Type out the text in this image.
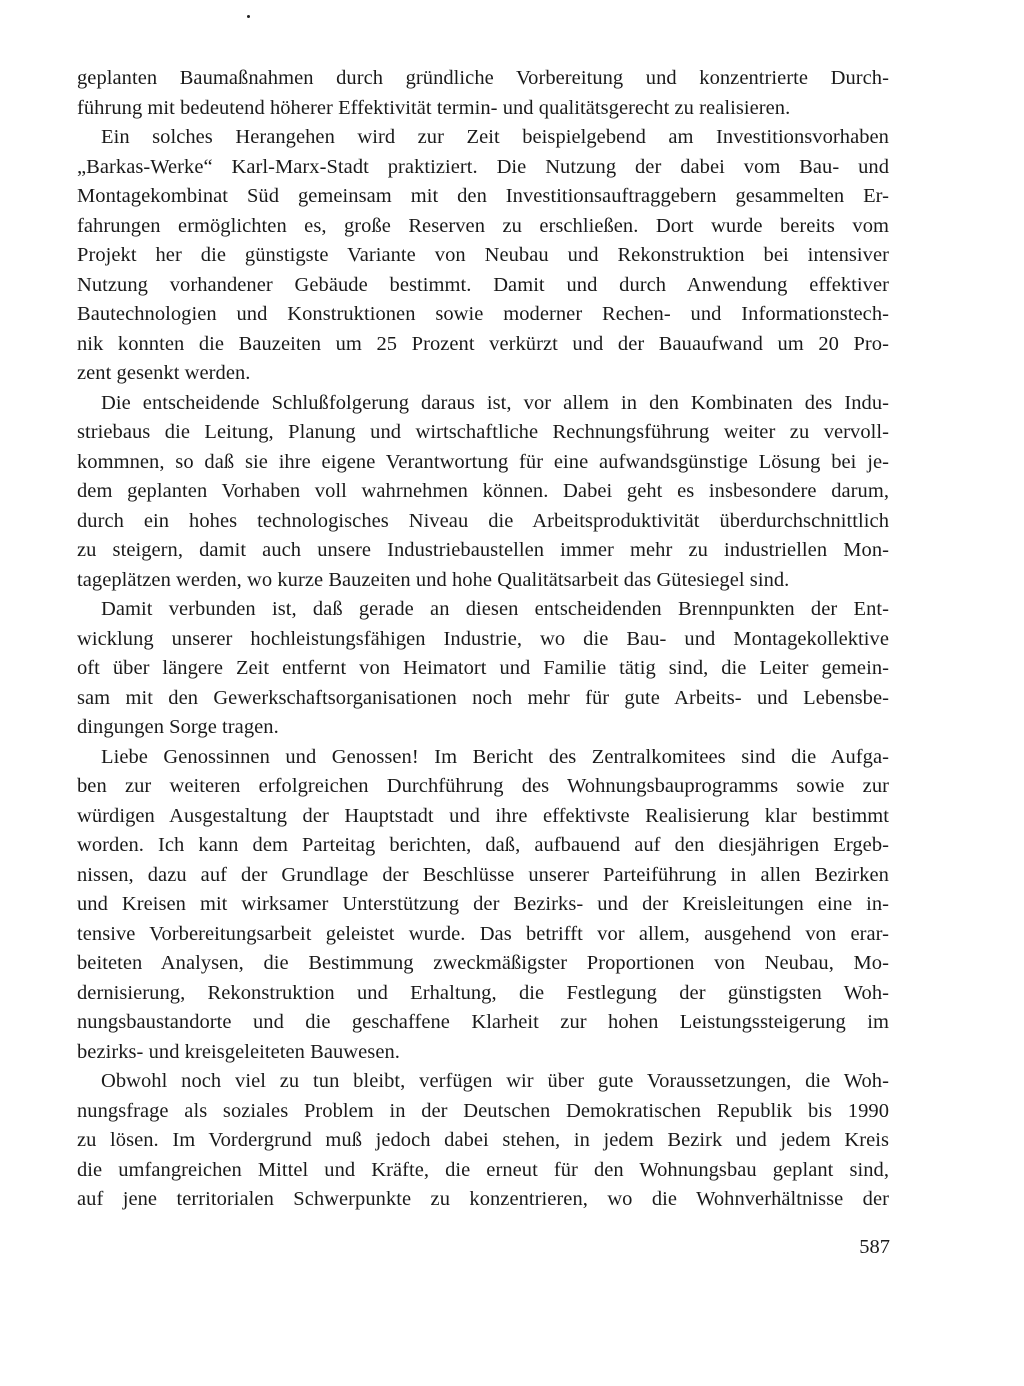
geplanten Baumaßnahmen durch gründliche Vorbereitung und konzentrierte Durch-
führung mit bedeutend höherer Effektivität termin- und qualitätsgerecht zu realisieren.
Ein solches Herangehen wird zur Zeit beispielgebend am Investitionsvorhaben
„Barkas-Werke“ Karl-Marx-Stadt praktiziert. Die Nutzung der dabei vom Bau- und
Montagekombinat Süd gemeinsam mit den Investitionsauftraggebern gesammelten Er-
fahrungen ermöglichten es, große Reserven zu erschließen. Dort wurde bereits vom
Projekt her die günstigste Variante von Neubau und Rekonstruktion bei intensiver
Nutzung vorhandener Gebäude bestimmt. Damit und durch Anwendung effektiver
Bautechnologien und Konstruktionen sowie moderner Rechen- und Informationstech-
nik konnten die Bauzeiten um 25 Prozent verkürzt und der Bauaufwand um 20 Pro-
zent gesenkt werden.
Die entscheidende Schlußfolgerung daraus ist, vor allem in den Kombinaten des Indu-
striebaus die Leitung, Planung und wirtschaftliche Rechnungsführung weiter zu vervoll-
kommnen, so daß sie ihre eigene Verantwortung für eine aufwandsgünstige Lösung bei je-
dem geplanten Vorhaben voll wahrnehmen können. Dabei geht es insbesondere darum,
durch ein hohes technologisches Niveau die Arbeitsproduktivität überdurchschnittlich
zu steigern, damit auch unsere Industriebaustellen immer mehr zu industriellen Mon-
tageplätzen werden, wo kurze Bauzeiten und hohe Qualitätsarbeit das Gütesiegel sind.
Damit verbunden ist, daß gerade an diesen entscheidenden Brennpunkten der Ent-
wicklung unserer hochleistungsfähigen Industrie, wo die Bau- und Montagekollektive
oft über längere Zeit entfernt von Heimatort und Familie tätig sind, die Leiter gemein-
sam mit den Gewerkschaftsorganisationen noch mehr für gute Arbeits- und Lebensbe-
dingungen Sorge tragen.
Liebe Genossinnen und Genossen! Im Bericht des Zentralkomitees sind die Aufga-
ben zur weiteren erfolgreichen Durchführung des Wohnungsbauprogramms sowie zur
würdigen Ausgestaltung der Hauptstadt und ihre effektivste Realisierung klar bestimmt
worden. Ich kann dem Parteitag berichten, daß, aufbauend auf den diesjährigen Ergeb-
nissen, dazu auf der Grundlage der Beschlüsse unserer Parteiführung in allen Bezirken
und Kreisen mit wirksamer Unterstützung der Bezirks- und der Kreisleitungen eine in-
tensive Vorbereitungsarbeit geleistet wurde. Das betrifft vor allem, ausgehend von erar-
beiteten Analysen, die Bestimmung zweckmäßigster Proportionen von Neubau, Mo-
dernisierung, Rekonstruktion und Erhaltung, die Festlegung der günstigsten Woh-
nungsbaustandorte und die geschaffene Klarheit zur hohen Leistungssteigerung im
bezirks- und kreisgeleiteten Bauwesen.
Obwohl noch viel zu tun bleibt, verfügen wir über gute Voraussetzungen, die Woh-
nungsfrage als soziales Problem in der Deutschen Demokratischen Republik bis 1990
zu lösen. Im Vordergrund muß jedoch dabei stehen, in jedem Bezirk und jedem Kreis
die umfangreichen Mittel und Kräfte, die erneut für den Wohnungsbau geplant sind,
auf jene territorialen Schwerpunkte zu konzentrieren, wo die Wohnverhältnisse der
587
